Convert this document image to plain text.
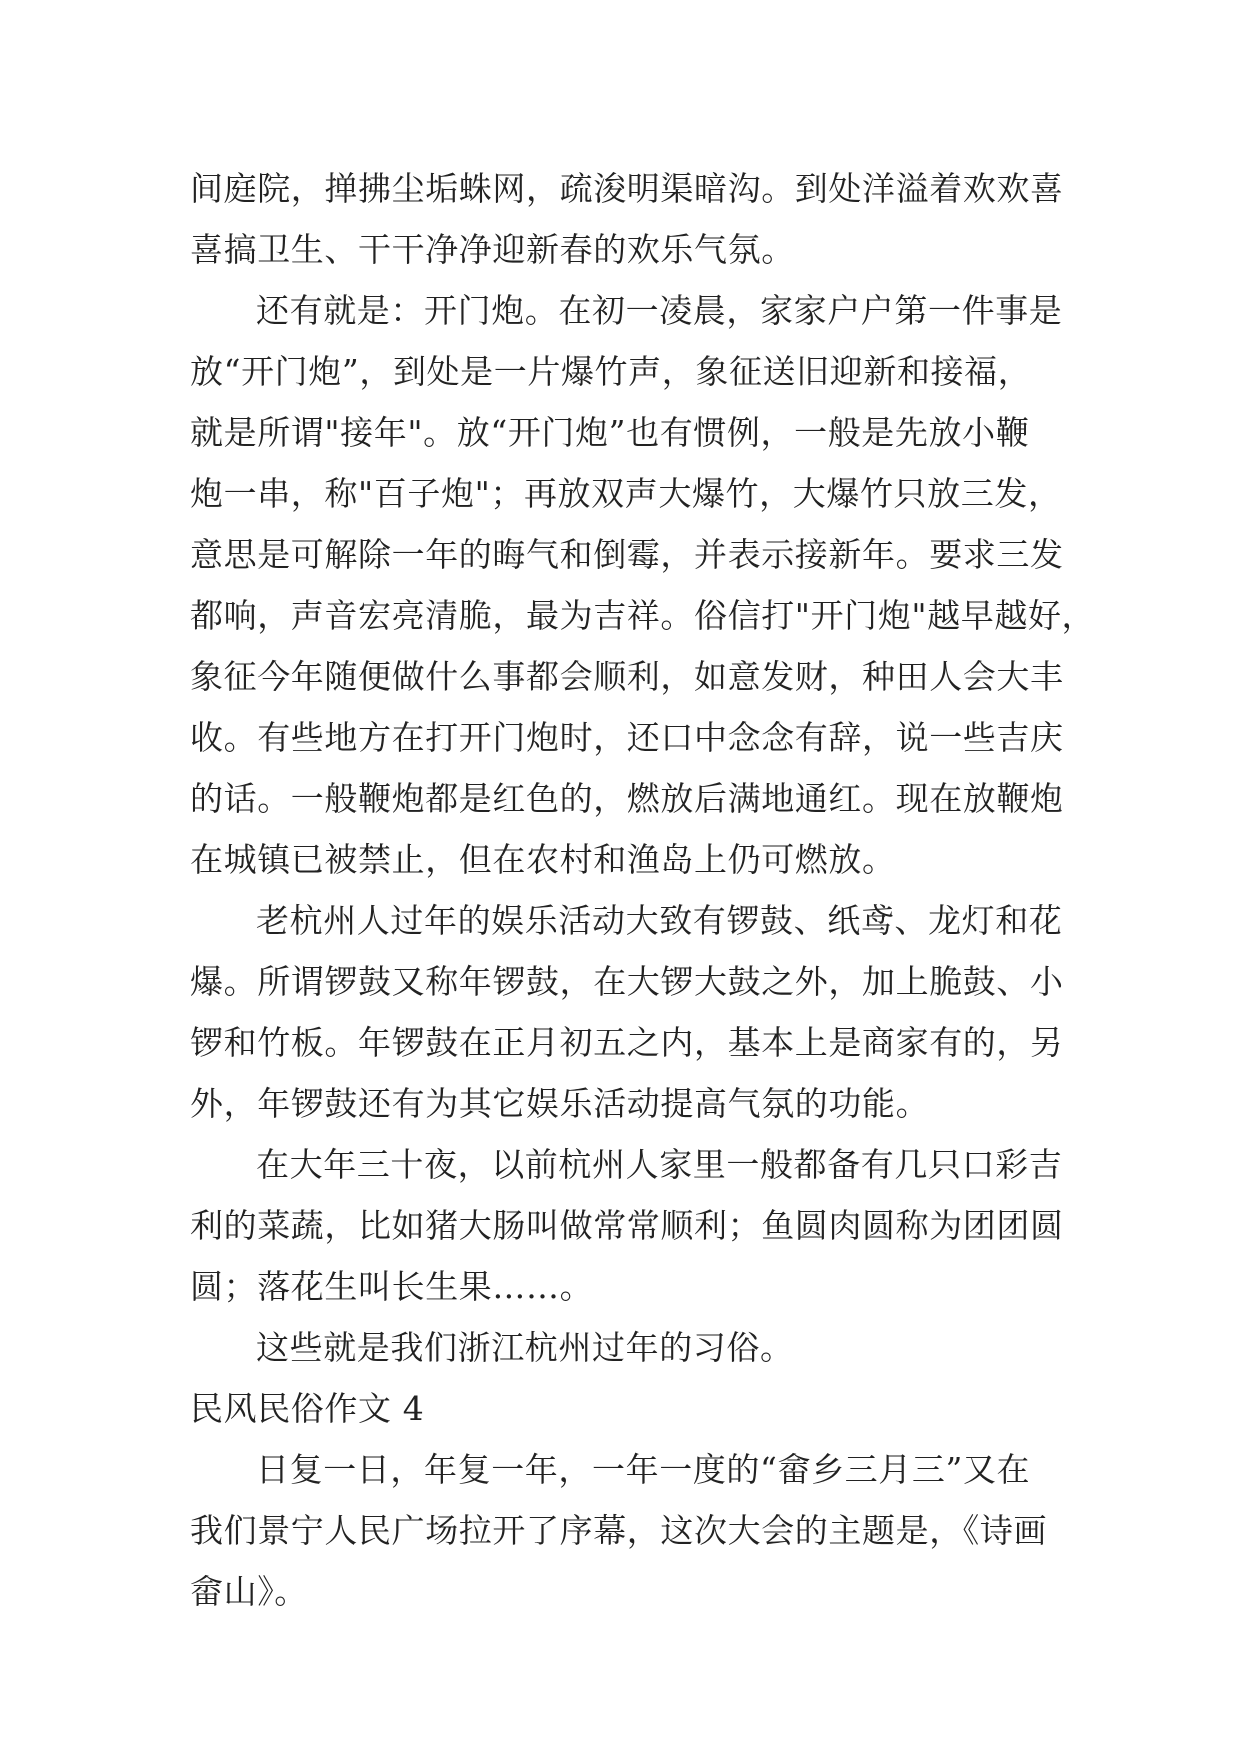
间庭院，掸拂尘垢蛛网，疏浚明渠暗沟。到处洋溢着欢欢喜
喜搞卫生、干干净净迎新春的欢乐气氛。
还有就是：开门炮。在初一凌晨，家家户户第一件事是
放“开门炮”，到处是一片爆竹声，象征送旧迎新和接福，
就是所谓"接年"。放“开门炮”也有惯例，一般是先放小鞭
炮一串，称"百子炮"；再放双声大爆竹，大爆竹只放三发，
意思是可解除一年的晦气和倒霉，并表示接新年。要求三发
都响，声音宏亮清脆，最为吉祥。俗信打"开门炮"越早越好，
象征今年随便做什么事都会顺利，如意发财，种田人会大丰
收。有些地方在打开门炮时，还口中念念有辞，说一些吉庆
的话。一般鞭炮都是红色的，燃放后满地通红。现在放鞭炮
在城镇已被禁止，但在农村和渔岛上仍可燃放。
老杭州人过年的娱乐活动大致有锣鼓、纸鸢、龙灯和花
爆。所谓锣鼓又称年锣鼓，在大锣大鼓之外，加上脆鼓、小
锣和竹板。年锣鼓在正月初五之内，基本上是商家有的，另
外，年锣鼓还有为其它娱乐活动提高气氛的功能。
在大年三十夜，以前杭州人家里一般都备有几只口彩吉
利的菜蔬，比如猪大肠叫做常常顺利；鱼圆肉圆称为团团圆
圆；落花生叫长生果……。
这些就是我们浙江杭州过年的习俗。
民风民俗作文 4
日复一日，年复一年，一年一度的“畲乡三月三”又在
我们景宁人民广场拉开了序幕，这次大会的主题是，《诗画
畲山》。
